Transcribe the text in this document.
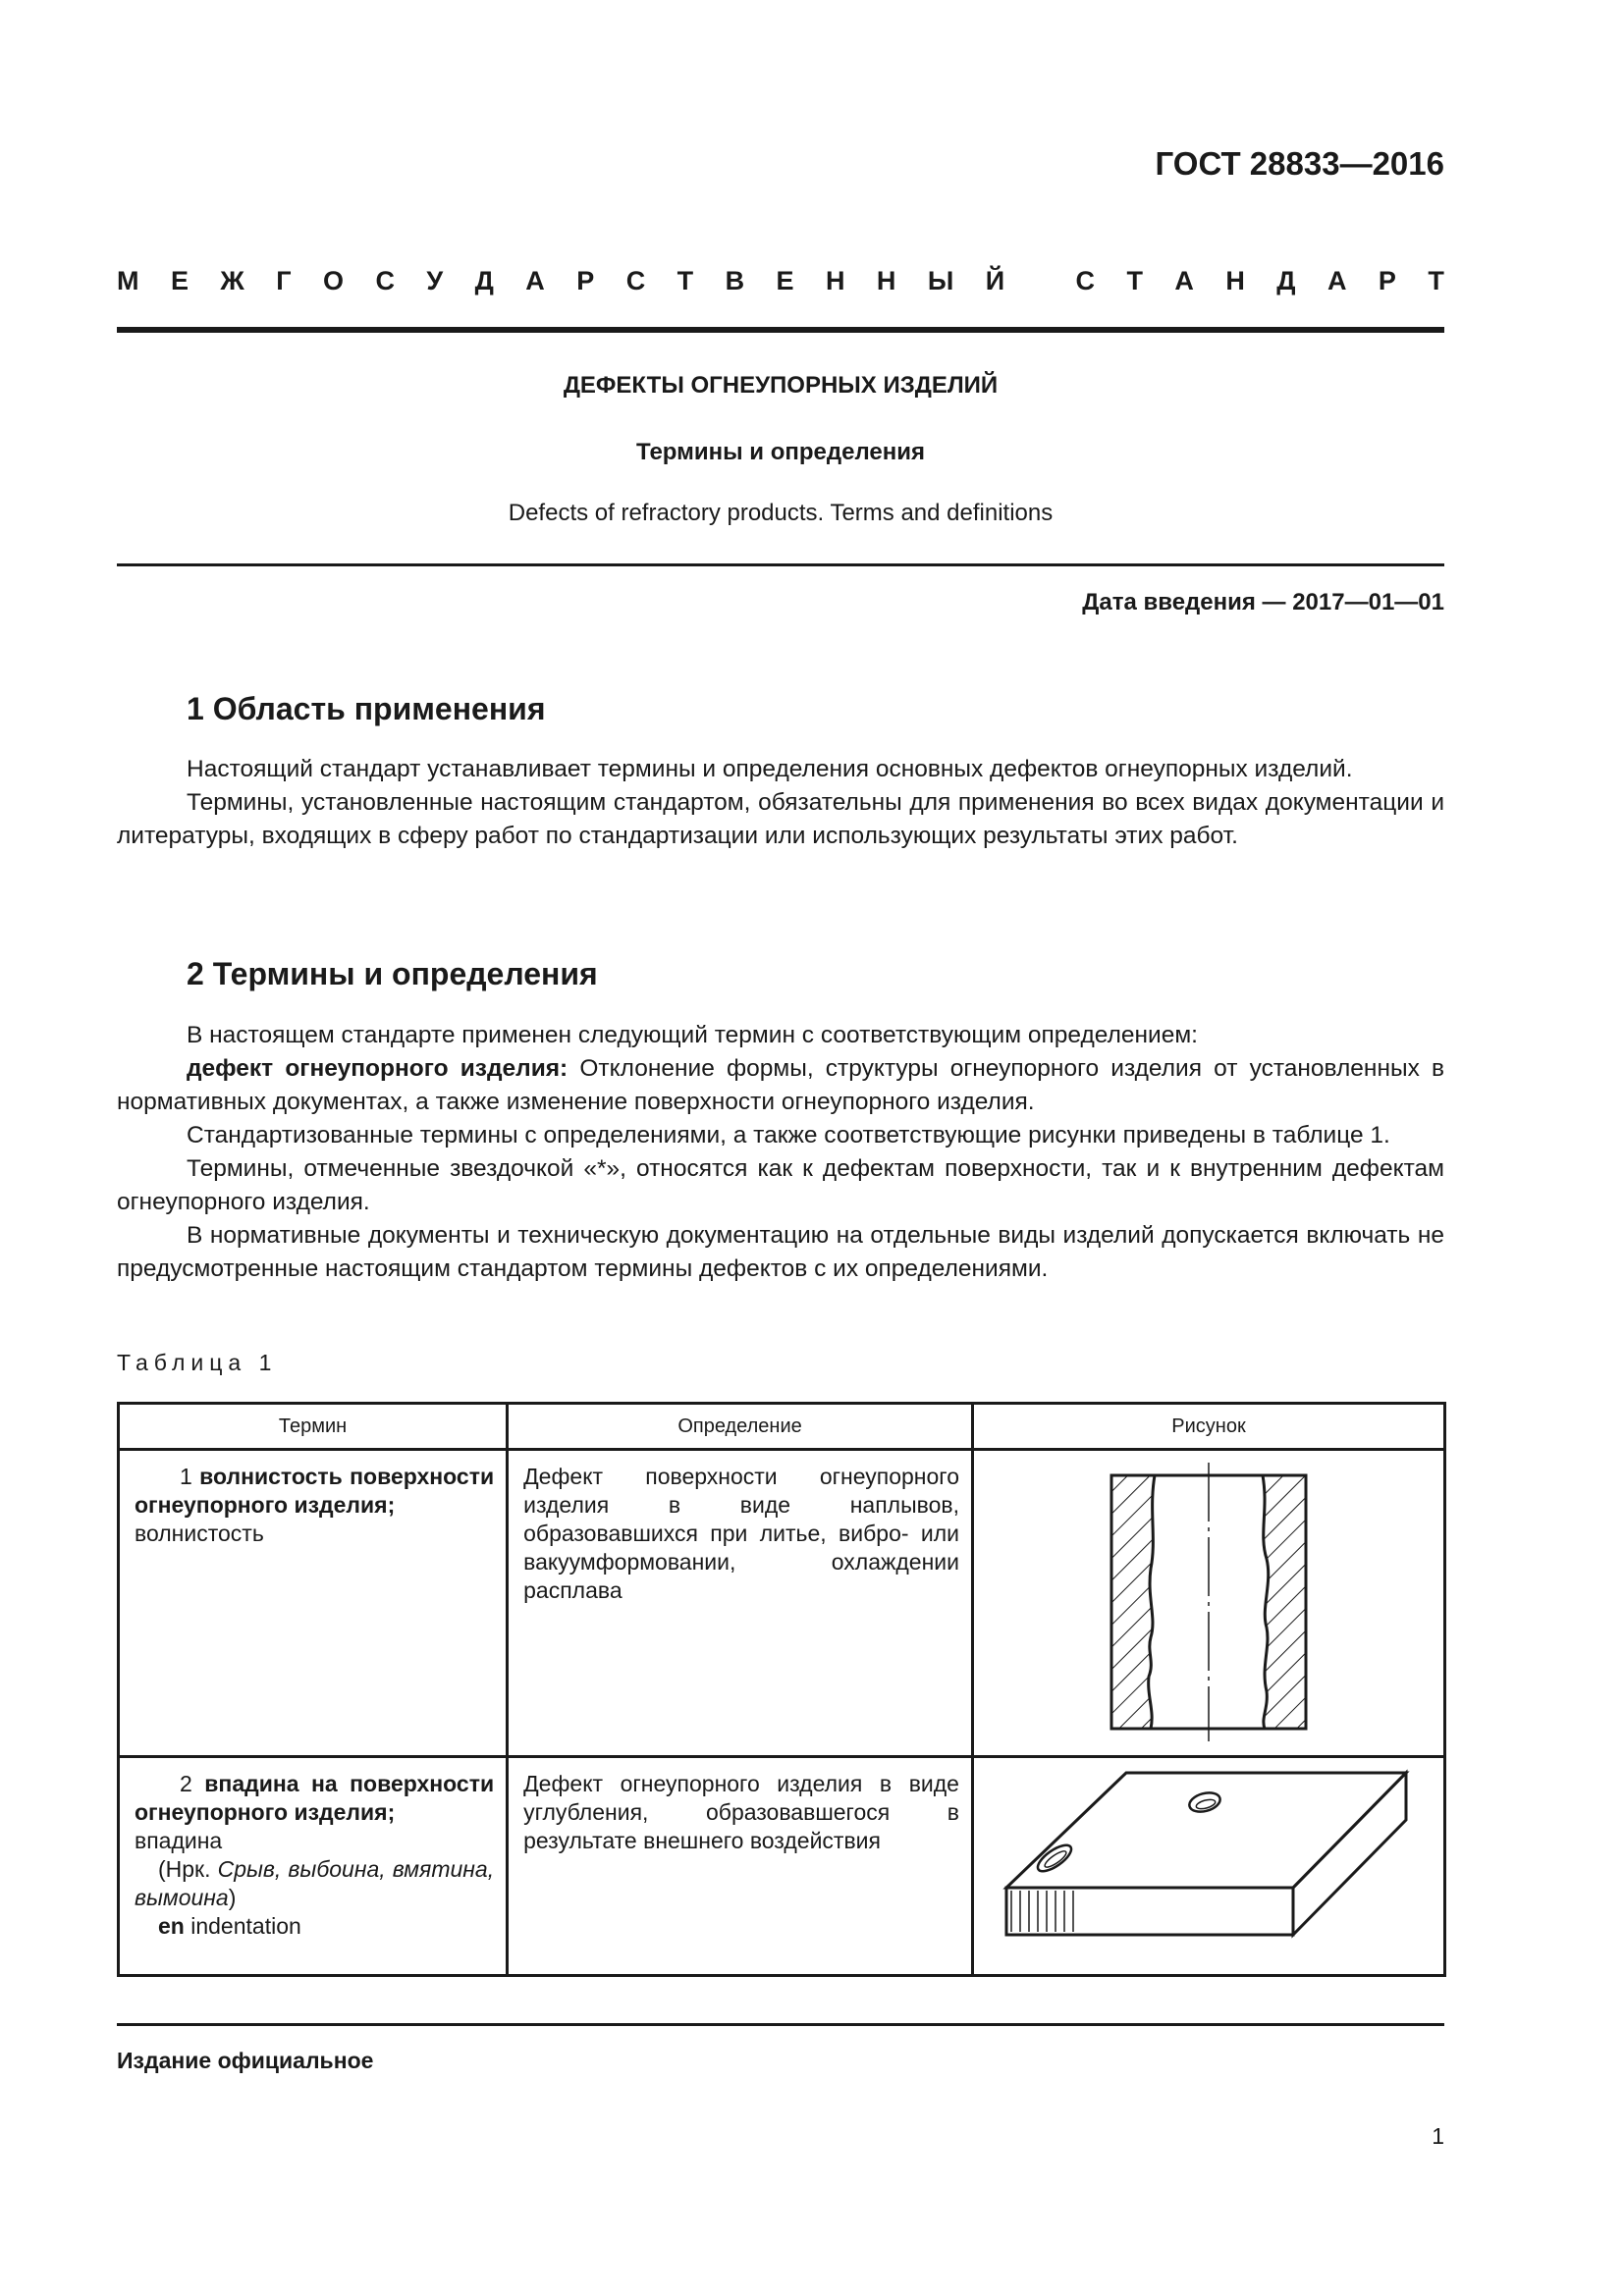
ГОСТ 28833—2016
М Е Ж Г О С У Д А Р С Т В Е Н Н Ы Й
	С Т А Н Д А Р Т
ДЕФЕКТЫ ОГНЕУПОРНЫХ ИЗДЕЛИЙ
Термины и определения
Defects of refractory products. Terms and definitions
Дата введения — 2017—01—01
1 Область применения

Настоящий стандарт устанавливает термины и определения основных дефектов огнеупорных изделий.

Термины, установленные настоящим стандартом, обязательны для применения во всех видах документации и литературы, входящих в сферу работ по стандартизации или использующих результаты этих работ.

2 Термины и определения

В настоящем стандарте применен следующий термин с соответствующим определением:

дефект огнеупорного изделия: Отклонение формы, структуры огнеупорного изделия от установленных в нормативных документах, а также изменение поверхности огнеупорного изделия.

Стандартизованные термины с определениями, а также соответствующие рисунки приведены в таблице 1.

Термины, отмеченные звездочкой «*», относятся как к дефектам поверхности, так и к внутренним дефектам огнеупорного изделия.

В нормативные документы и техническую документацию на отдельные виды изделий допускается включать не предусмотренные настоящим стандартом термины дефектов с их определениями.

Таблица 1
Термин	Определение	Рисунок

1 волнистость поверхности огнеупорного изделия;
волнистость	Дефект поверхности огнеупорного изделия в виде наплывов, образовавшихся при литье, вибро- или вакуумформовании, охлаждении расплава

2 впадина на поверхности огнеупорного изделия;
впадина
(Нрк. Срыв, выбоина, вмятина, вымоина)
en indentation	Дефект огнеупорного изделия в виде углубления, образовавшегося в результате внешнего воздействия

Издание официальное
1
